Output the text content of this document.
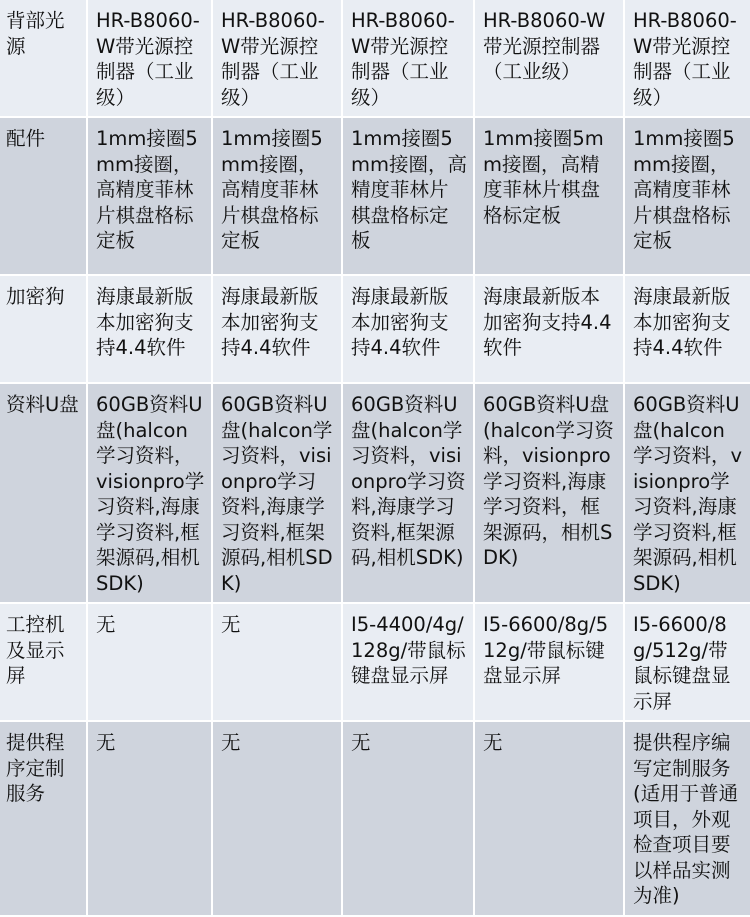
背部光源	HR-B8060-W带光源控制器（工业级）	HR-B8060-W带光源控制器（工业级）	HR-B8060-W带光源控制器（工业级）	HR-B8060-W带光源控制器（工业级）	HR-B8060-W带光源控制器（工业级）
配件	1mm接圈5mm接圈，高精度菲林片棋盘格标定板	1mm接圈5mm接圈，高精度菲林片棋盘格标定板	1mm接圈5mm接圈，高精度菲林片棋盘格标定板	1mm接圈5mm接圈，高精度菲林片棋盘格标定板	1mm接圈5mm接圈，高精度菲林片棋盘格标定板
加密狗	海康最新版本加密狗支持4.4软件	海康最新版本加密狗支持4.4软件	海康最新版本加密狗支持4.4软件	海康最新版本加密狗支持4.4软件	海康最新版本加密狗支持4.4软件
资料U盘	60GB资料U盘(halcon学习资料，visionpro学习资料,海康学习资料,框架源码,相机SDK)	60GB资料U盘(halcon学习资料，visionpro学习资料,海康学习资料,框架源码,相机SDK)	60GB资料U盘(halcon学习资料，visionpro学习资料,海康学习资料,框架源码,相机SDK)	60GB资料U盘(halcon学习资料，visionpro学习资料,海康学习资料，框架源码，相机SDK)	60GB资料U盘(halcon学习资料，visionpro学习资料,海康学习资料,框架源码,相机SDK)
工控机及显示屏	无	无	I5-4400/4g/128g/带鼠标键盘显示屏	I5-6600/8g/512g/带鼠标键盘显示屏	I5-6600/8g/512g/带鼠标键盘显示屏
提供程序定制服务	无	无	无	无	提供程序编写定制服务(适用于普通项目，外观检查项目要以样品实测为准)
